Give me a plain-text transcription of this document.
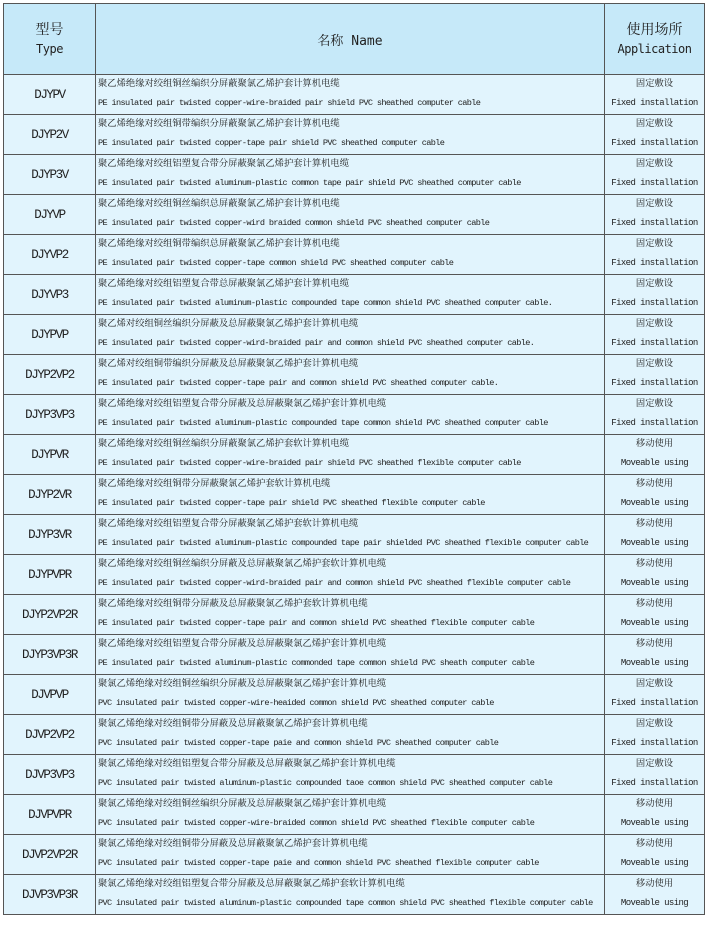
型号
Type	名称 Name	使用场所
Application

DJYPV	聚乙烯绝缘对绞组铜丝编织分屏蔽聚氯乙烯护套计算机电缆
PE insulated pair twisted copper-wire-braided pair shield PVC sheathed computer cable	固定敷设
Fixed installation

DJYP2V	聚乙烯绝缘对绞组铜带编织分屏蔽聚氯乙烯护套计算机电缆
PE insulated pair twisted copper-tape pair shield PVC sheathed computer cable	固定敷设
Fixed installation

DJYP3V	聚乙烯绝缘对绞组铝塑复合带分屏蔽聚氯乙烯护套计算机电缆
PE insulated pair twisted aluminum-plastic common tape pair shield PVC sheathed computer cable	固定敷设
Fixed installation

DJYVP	聚乙烯绝缘对绞组铜丝编织总屏蔽聚氯乙烯护套计算机电缆
PE insulated pair twisted copper-wird braided common shield PVC sheathed computer cable	固定敷设
Fixed installation

DJYVP2	聚乙烯绝缘对绞组铜带编织总屏蔽聚氯乙烯护套计算机电缆
PE insulated pair twisted copper-tape common shield PVC sheathed computer cable	固定敷设
Fixed installation

DJYVP3	聚乙烯绝缘对绞组铝塑复合带总屏蔽聚氯乙烯护套计算机电缆
PE insulated pair twisted aluminum-plastic compounded tape common shield PVC sheathed computer cable.	固定敷设
Fixed installation

DJYPVP	聚乙烯对绞组铜丝编织分屏蔽及总屏蔽聚氯乙烯护套计算机电缆
PE insulated pair twisted copper-wird-braided pair and common shield PVC sheathed computer cable.	固定敷设
Fixed installation

DJYP2VP2	聚乙烯对绞组铜带编织分屏蔽及总屏蔽聚氯乙烯护套计算机电缆
PE insulated pair twisted copper-tape pair and common shield PVC sheathed computer cable.	固定敷设
Fixed installation

DJYP3VP3	聚乙烯绝缘对绞组铝塑复合带分屏蔽及总屏蔽聚氯乙烯护套计算机电缆
PE insulated pair twisted aluminum-plastic compounded tape common shield PVC sheathed computer cable	固定敷设
Fixed installation

DJYPVR	聚乙烯绝缘对绞组铜丝编织分屏蔽聚氯乙烯护套软计算机电缆
PE insulated pair twisted copper-wire-braided pair shield PVC sheathed flexible computer cable	移动使用
Moveable using

DJYP2VR	聚乙烯绝缘对绞组铜带分屏蔽聚氯乙烯护套软计算机电缆
PE insulated pair twisted copper-tape pair shield PVC sheathed flexible computer cable	移动使用
Moveable using

DJYP3VR	聚乙烯绝缘对绞组铝塑复合带分屏蔽聚氯乙烯护套软计算机电缆
PE insulated pair twisted aluminum-plastic compounded tape pair shielded PVC sheathed flexible computer cable	移动使用
Moveable using

DJYPVPR	聚乙烯绝缘对绞组铜丝编织分屏蔽及总屏蔽聚氯乙烯护套软计算机电缆
PE insulated pair twisted copper-wird-braided pair and common shield PVC sheathed flexible computer cable	移动使用
Moveable using

DJYP2VP2R	聚乙烯绝缘对绞组铜带分屏蔽及总屏蔽聚氯乙烯护套软计算机电缆
PE insulated pair twisted copper-tape pair and common shield PVC sheathed flexible computer cable	移动使用
Moveable using

DJYP3VP3R	聚乙烯绝缘对绞组铝塑复合带分屏蔽及总屏蔽聚氯乙烯护套计算机电缆
PE insulated pair twisted aluminum-plastic commonded tape common shield PVC sheath computer cable	移动使用
Moveable using

DJVPVP	聚氯乙烯绝缘对绞组铜丝编织分屏蔽及总屏蔽聚氯乙烯护套计算机电缆
PVC insulated pair twisted copper-wire-heaided common shield PVC sheathed computer cable	固定敷设
Fixed installation

DJVP2VP2	聚氯乙烯绝缘对绞组铜带分屏蔽及总屏蔽聚氯乙烯护套计算机电缆
PVC insulated pair twisted copper-tape paie and common shield PVC sheathed computer cable	固定敷设
Fixed installation

DJVP3VP3	聚氯乙烯绝缘对绞组铝塑复合带分屏蔽及总屏蔽聚氯乙烯护套计算机电缆
PVC insulated pair twisted aluminum-plastic compounded taoe common shield PVC sheathed computer cable	固定敷设
Fixed installation

DJVPVPR	聚氯乙烯绝缘对绞组铜丝编织分屏蔽及总屏蔽聚氯乙烯护套计算机电缆
PVC insulated pair twisted copper-wire-braided common shield PVC sheathed flexible computer cable	移动使用
Moveable using

DJVP2VP2R	聚氯乙烯绝缘对绞组铜带分屏蔽及总屏蔽聚氯乙烯护套计算机电缆
PVC insulated pair twisted copper-tape paie and common shield PVC sheathed flexible computer cable	移动使用
Moveable using

DJVP3VP3R	聚氯乙烯绝缘对绞组铝塑复合带分屏蔽及总屏蔽聚氯乙烯护套软计算机电缆
PVC insulated pair twisted aluminum-plastic compounded tape common shield PVC sheathed flexible computer cable	移动使用
Moveable using
